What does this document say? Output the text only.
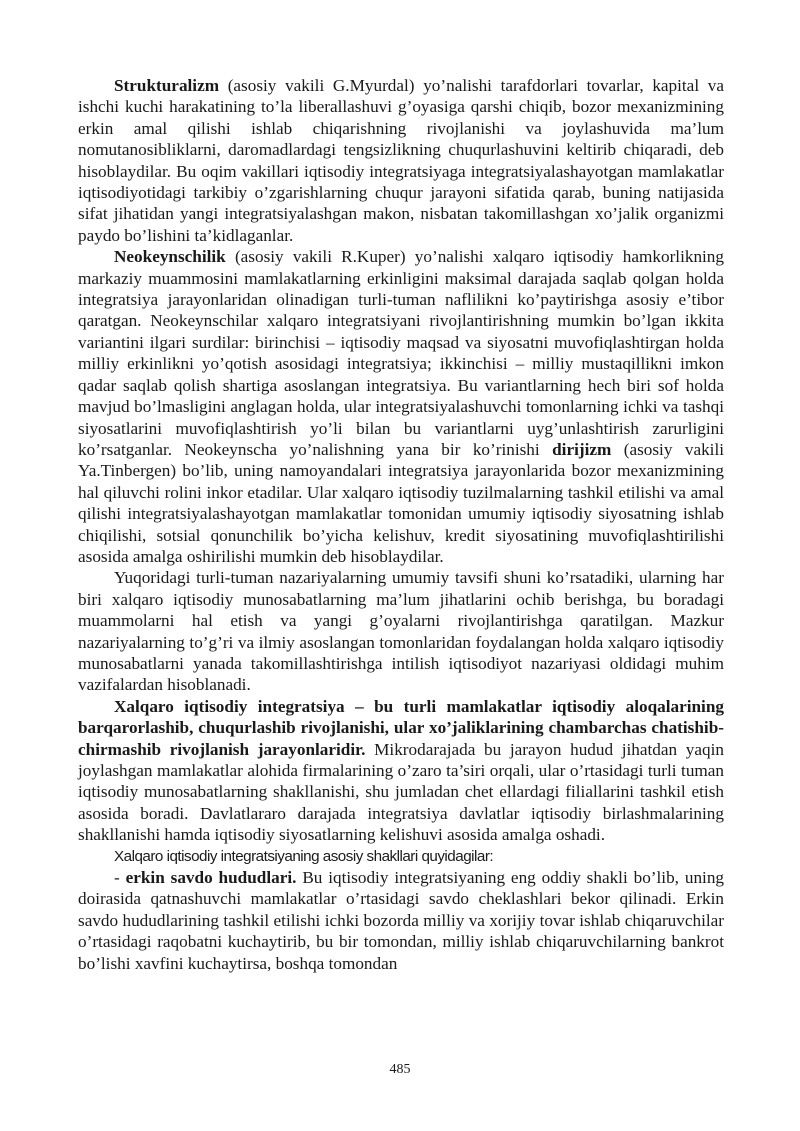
Strukturalizm (asosiy vakili G.Myurdal) yo’nalishi tarafdorlari tovarlar, kapital va ishchi kuchi harakatining to’la liberallashuvi g’oyasiga qarshi chiqib, bozor mexanizmining erkin amal qilishi ishlab chiqarishning rivojlanishi va joylashuvida ma’lum nomutanosibliklarni, daromadlardagi tengsizlikning chuqurlashuvini keltirib chiqaradi, deb hisoblaydilar. Bu oqim vakillari iqtisodiy integratsiyaga integratsiyalashayotgan mamlakatlar iqtisodiyotidagi tarkibiy o’zgarishlarning chuqur jarayoni sifatida qarab, buning natijasida sifat jihatidan yangi integratsiyalashgan makon, nisbatan takomillashgan xo’jalik organizmi paydo bo’lishini ta’kidlaganlar.

Neokeynschilik (asosiy vakili R.Kuper) yo’nalishi xalqaro iqtisodiy hamkorlikning markaziy muammosini mamlakatlarning erkinligini maksimal darajada saqlab qolgan holda integratsiya jarayonlaridan olinadigan turli-tuman naflilikni ko’paytirishga asosiy e’tibor qaratgan. Neokeynschilar xalqaro integratsiyani rivojlantirishning mumkin bo’lgan ikkita variantini ilgari surdilar: birinchisi – iqtisodiy maqsad va siyosatni muvofiqlashtirgan holda milliy erkinlikni yo’qotish asosidagi integratsiya; ikkinchisi – milliy mustaqillikni imkon qadar saqlab qolish shartiga asoslangan integratsiya. Bu variantlarning hech biri sof holda mavjud bo’lmasligini anglagan holda, ular integratsiyalashuvchi tomonlarning ichki va tashqi siyosatlarini muvofiqlashtirish yo’li bilan bu variantlarni uyg’unlashtirish zarurligini ko’rsatganlar. Neokeynscha yo’nalishning yana bir ko’rinishi dirijizm (asosiy vakili Ya.Tinbergen) bo’lib, uning namoyandalari integratsiya jarayonlarida bozor mexanizmining hal qiluvchi rolini inkor etadilar. Ular xalqaro iqtisodiy tuzilmalarning tashkil etilishi va amal qilishi integratsiyalashayotgan mamlakatlar tomonidan umumiy iqtisodiy siyosatning ishlab chiqilishi, sotsial qonunchilik bo’yicha kelishuv, kredit siyosatining muvofiqlashtirilishi asosida amalga oshirilishi mumkin deb hisoblaydilar.

Yuqoridagi turli-tuman nazariyalarning umumiy tavsifi shuni ko’rsatadiki, ularning har biri xalqaro iqtisodiy munosabatlarning ma’lum jihatlarini ochib berishga, bu boradagi muammolarni hal etish va yangi g’oyalarni rivojlantirishga qaratilgan. Mazkur nazariyalarning to’g’ri va ilmiy asoslangan tomonlaridan foydalangan holda xalqaro iqtisodiy munosabatlarni yanada takomillashtirishga intilish iqtisodiyot nazariyasi oldidagi muhim vazifalardan hisoblanadi.

Xalqaro iqtisodiy integratsiya – bu turli mamlakatlar iqtisodiy aloqalarining barqarorlashib, chuqurlashib rivojlanishi, ular xo’jaliklarining chambarchas chatishib-chirmashib rivojlanish jarayonlaridir. Mikrodarajada bu jarayon hudud jihatdan yaqin joylashgan mamlakatlar alohida firmalarining o’zaro ta’siri orqali, ular o’rtasidagi turli tuman iqtisodiy munosabatlarning shakllanishi, shu jumladan chet ellardagi filiallarini tashkil etish asosida boradi. Davlatlararo darajada integratsiya davlatlar iqtisodiy birlashmalarining shakllanishi hamda iqtisodiy siyosatlarning kelishuvi asosida amalga oshadi.

Xalqaro iqtisodiy integratsiyaning asosiy shakllari quyidagilar:

- erkin savdo hududlari. Bu iqtisodiy integratsiyaning eng oddiy shakli bo’lib, uning doirasida qatnashuvchi mamlakatlar o’rtasidagi savdo cheklashlari bekor qilinadi. Erkin savdo hududlarining tashkil etilishi ichki bozorda milliy va xorijiy tovar ishlab chiqaruvchilar o’rtasidagi raqobatni kuchaytirib, bu bir tomondan, milliy ishlab chiqaruvchilarning bankrot bo’lishi xavfini kuchaytirsa, boshqa tomondan

485
